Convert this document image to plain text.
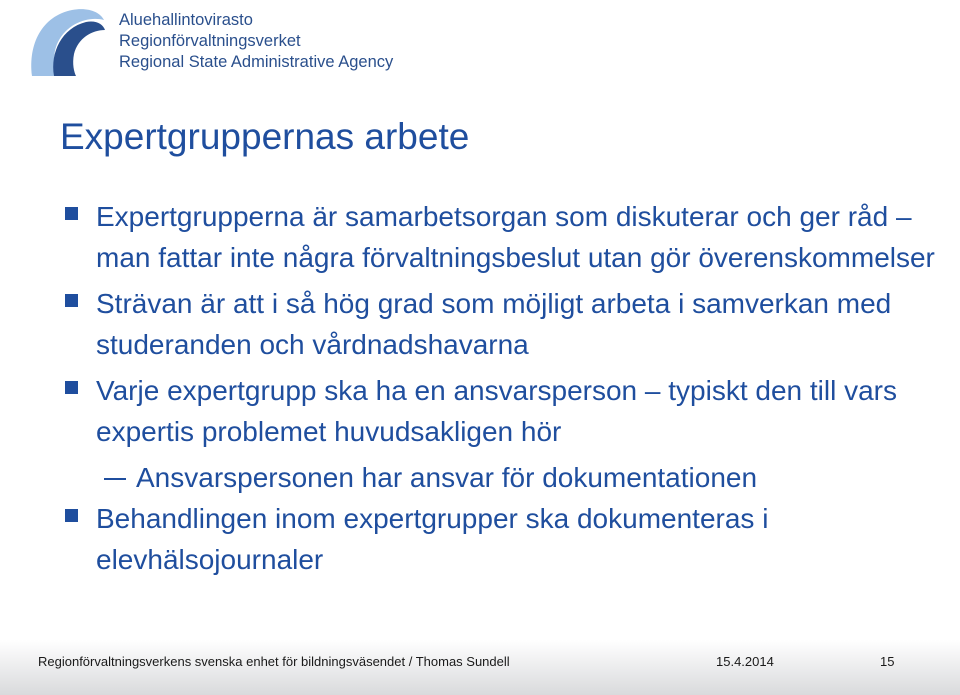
Aluehallintovirasto
Regionförvaltningsverket
Regional State Administrative Agency
Expertgruppernas arbete
Expertgrupperna är samarbetsorgan som diskuterar och ger råd – man fattar inte några förvaltningsbeslut utan gör överenskommelser
Strävan är att i så hög grad som möjligt arbeta i samverkan med studeranden och vårdnadshavarna
Varje expertgrupp ska ha en ansvarsperson – typiskt den till vars expertis problemet huvudsakligen hör
Ansvarspersonen har ansvar för dokumentationen
Behandlingen inom expertgrupper ska dokumenteras i elevhälsojournaler
Regionförvaltningsverkens svenska enhet för bildningsväsendet / Thomas Sundell	15.4.2014	15
